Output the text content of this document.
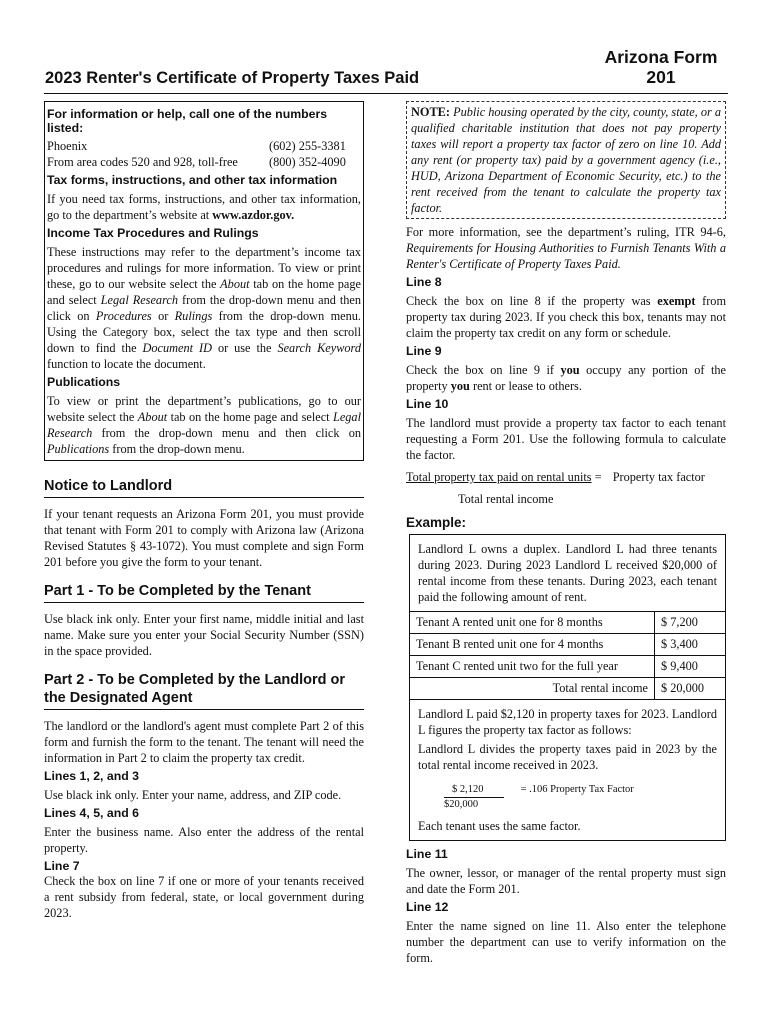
Arizona Form
201
2023 Renter's Certificate of Property Taxes Paid
For information or help, call one of the numbers listed:
Phoenix	(602) 255-3381
From area codes 520 and 928, toll-free	(800) 352-4090
Tax forms, instructions, and other tax information

If you need tax forms, instructions, and other tax information, go to the department’s website at www.azdor.gov.

Income Tax Procedures and Rulings

These instructions may refer to the department’s income tax procedures and rulings for more information. To view or print these, go to our website select the About tab on the home page and select Legal Research from the drop-down menu and then click on Procedures or Rulings from the drop-down menu. Using the Category box, select the tax type and then scroll down to find the Document ID or use the Search Keyword function to locate the document.

Publications

To view or print the department’s publications, go to our website select the About tab on the home page and select Legal Research from the drop-down menu and then click on Publications from the drop-down menu.

Notice to Landlord

If your tenant requests an Arizona Form 201, you must provide that tenant with Form 201 to comply with Arizona law (Arizona Revised Statutes § 43-1072). You must complete and sign Form 201 before you give the form to your tenant.

Part 1 - To be Completed by the Tenant

Use black ink only. Enter your first name, middle initial and last name. Make sure you enter your Social Security Number (SSN) in the space provided.

Part 2 - To be Completed by the Landlord or the Designated Agent

The landlord or the landlord's agent must complete Part 2 of this form and furnish the form to the tenant. The tenant will need the information in Part 2 to claim the property tax credit.

Lines 1, 2, and 3

Use black ink only. Enter your name, address, and ZIP code.

Lines 4, 5, and 6

Enter the business name. Also enter the address of the rental property.

Line 7

Check the box on line 7 if one or more of your tenants received a rent subsidy from federal, state, or local government during 2023.

NOTE: Public housing operated by the city, county, state, or a qualified charitable institution that does not pay property taxes will report a property tax factor of zero on line 10. Add any rent (or property tax) paid by a government agency (i.e., HUD, Arizona Department of Economic Security, etc.) to the rent received from the tenant to calculate the property tax factor.

For more information, see the department’s ruling, ITR 94-6, Requirements for Housing Authorities to Furnish Tenants With a Renter's Certificate of Property Taxes Paid.

Line 8

Check the box on line 8 if the property was exempt from property tax during 2023. If you check this box, tenants may not claim the property tax credit on any form or schedule.

Line 9

Check the box on line 9 if you occupy any portion of the property you rent or lease to others.

Line 10

The landlord must provide a property tax factor to each tenant requesting a Form 201. Use the following formula to calculate the factor.

Total property tax paid on rental units = Property tax factor
Total rental income
Example:
Landlord L owns a duplex. Landlord L had three tenants during 2023. During 2023 Landlord L received $20,000 of rental income from these tenants. During 2023, each tenant paid the following amount of rent.
Tenant A rented unit one for 8 months	$ 7,200
Tenant B rented unit one for 4 months	$ 3,400
Tenant C rented unit two for the full year	$ 9,400
Total rental income	$ 20,000

Landlord L paid $2,120 in property taxes for 2023. Landlord L figures the property tax factor as follows:

Landlord L divides the property taxes paid in 2023 by the total rental income received in 2023.

$ 2,120	= .106 Property Tax Factor
$20,000
Each tenant uses the same factor.
Line 11

The owner, lessor, or manager of the rental property must sign and date the Form 201.

Line 12

Enter the name signed on line 11. Also enter the telephone number the department can use to verify information on the form.
